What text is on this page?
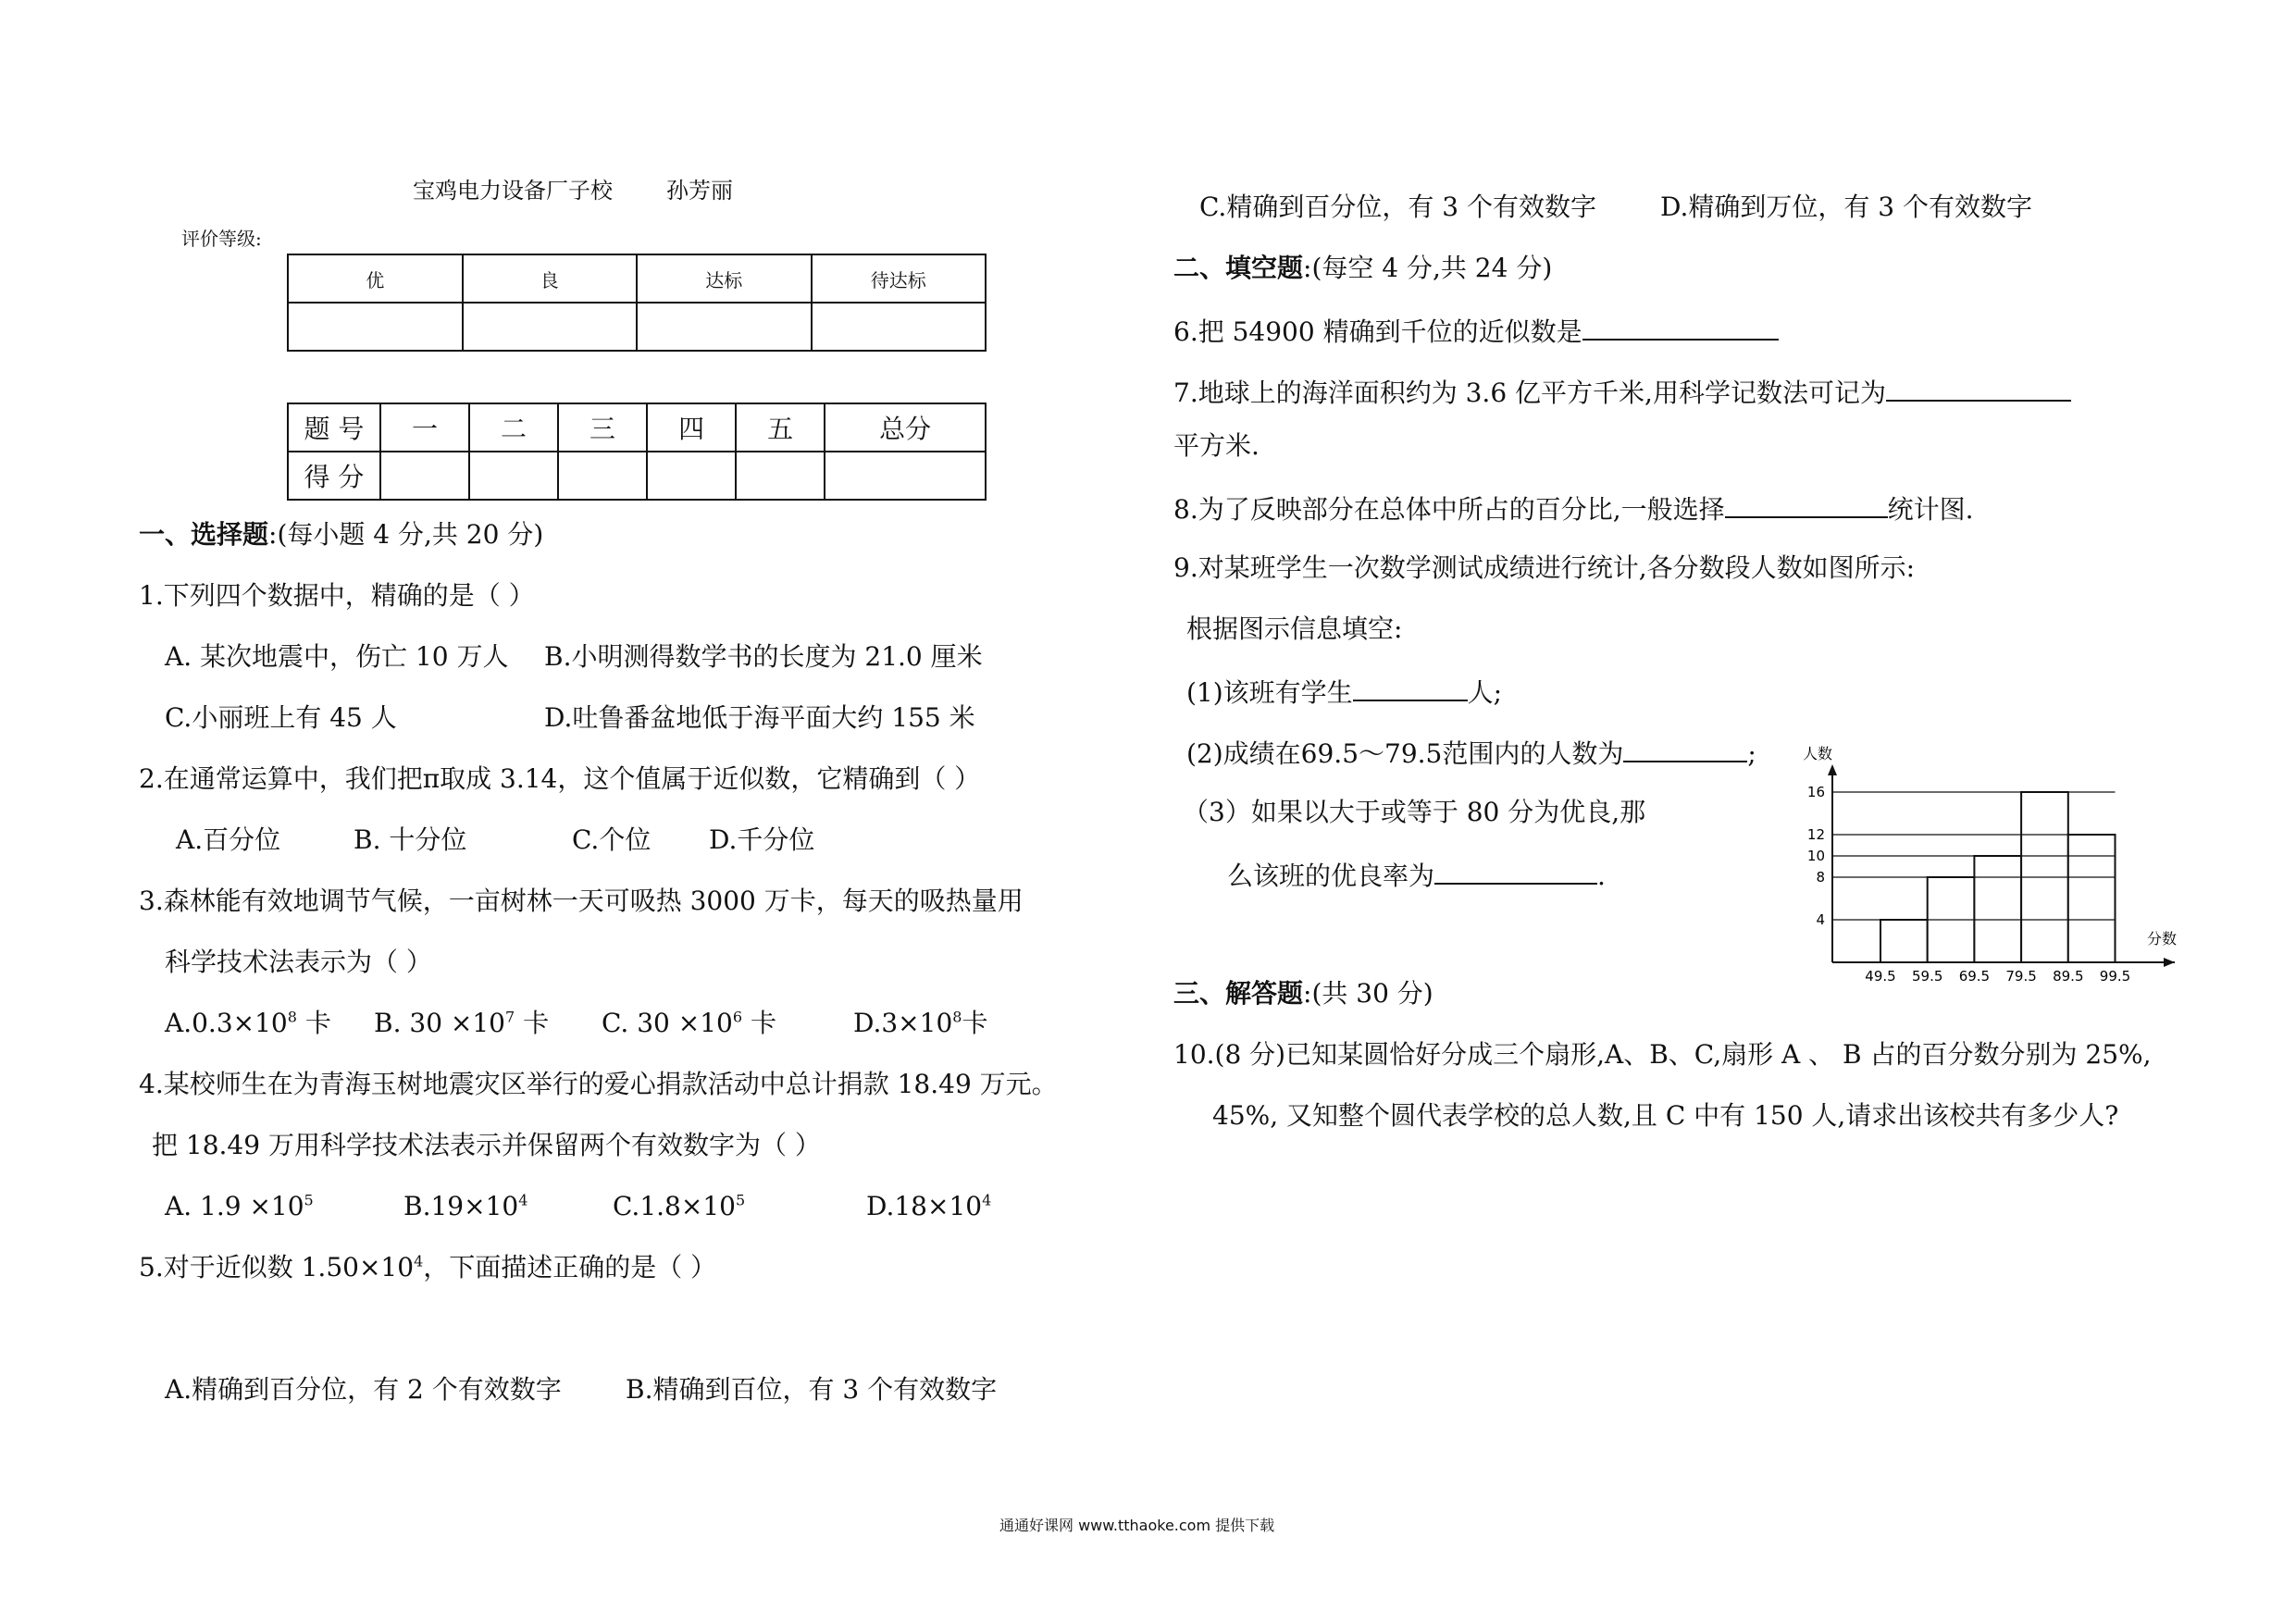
宝鸡电力设备厂子校 孙芳丽
评价等级:
优	良	达标	待达标

题 号	一	二	三	四	五	总分
得 分						
一、选择题:(每小题 4 分,共 20 分)
1.下列四个数据中，精确的是（ ）
A. 某次地震中，伤亡 10 万人 B.小明测得数学书的长度为 21.0 厘米
C.小丽班上有 45 人	D.吐鲁番盆地低于海平面大约 155 米
2.在通常运算中，我们把π取成 3.14，这个值属于近似数，它精确到（ ）
A.百分位	B. 十分位	C.个位 D.千分位
3.森林能有效地调节气候，一亩树林一天可吸热 3000 万卡，每天的吸热量用
科学技术法表示为（ ）
$A.0.3\times 10^8$ 卡 B. $30 \times 10^7$ 卡 C. $30 \times 10^6$ 卡	$D.3\times 10^8$卡
4.某校师生在为青海玉树地震灾区举行的爱心捐款活动中总计捐款 18.49 万元。
把 18.49 万用科学技术法表示并保留两个有效数字为（ ）
A. $1.9 \times 10^5$	$B.19\times 10^4$	$C.1.8\times 10^5$	$D.18\times 10^4$
5.对于近似数 $1.50\times 10^4$，下面描述正确的是（ ）
A.精确到百分位，有 2 个有效数字 B.精确到百位，有 3 个有效数字
C.精确到百分位，有 3 个有效数字 D.精确到万位，有 3 个有效数字
二、填空题:(每空 4 分,共 24 分)
6.把 54900 精确到千位的近似数是
7.地球上的海洋面积约为 3.6 亿平方千米,用科学记数法可记为
平方米.
8.为了反映部分在总体中所占的百分比,一般选择	统计图.
9.对某班学生一次数学测试成绩进行统计,各分数段人数如图所示:
根据图示信息填空:
(1)该班有学生	人;
(2)成绩在69.5～79.5范围内的人数为	;
（3）如果以大于或等于 80 分为优良,那
么该班的优良率为	.
4
8
10
12
16
49.5 59.5 69.5 79.5 89.5 99.5
人数
分数
三、解答题:(共 30 分)
10.(8 分)已知某圆恰好分成三个扇形,A、B、C,扇形 A 、 B 占的百分数分别为 25%,
45%, 又知整个圆代表学校的总人数,且 C 中有 150 人,请求出该校共有多少人?
通通好课网 www.tthaoke.com 提供下载
